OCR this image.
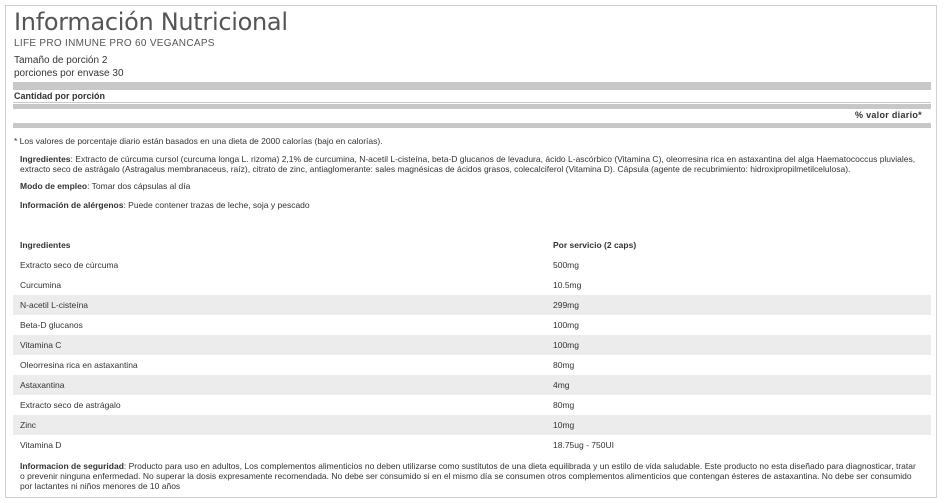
Información Nutricional
LIFE PRO INMUNE PRO 60 VEGANCAPS
Tamaño de porción 2
porciones por envase 30
Cantidad por porción
% valor diario*
* Los valores de porcentaje diario están basados en una dieta de 2000 calorías (bajo en calorías).
Ingredientes: Extracto de cúrcuma cursol (curcuma longa L. rizoma) 2,1% de curcumina, N-acetil L-cisteína, beta-D glucanos de levadura, ácido L-ascórbico (Vitamina C), oleorresina rica en astaxantina del alga Haematococcus pluviales, extracto seco de astrágalo (Astragalus membranaceus, raíz), citrato de zinc, antiaglomerante: sales magnésicas de ácidos grasos, colecalciferol (Vitamina D). Cápsula (agente de recubrimiento: hidroxipropilmetilcelulosa).
Modo de empleo: Tomar dos cápsulas al día
Información de alérgenos: Puede contener trazas de leche, soja y pescado
Ingredientes	Por servicio (2 caps)
Extracto seco de cúrcuma	500mg
Curcumina	10.5mg
N-acetil L-cisteína	299mg
Beta-D glucanos	100mg
Vitamina C	100mg
Oleorresina rica en astaxantina	80mg
Astaxantina	4mg
Extracto seco de astrágalo	80mg
Zinc	10mg
Vitamina D	18.75ug - 750UI
Informacion de seguridad: Producto para uso en adultos, Los complementos alimenticios no deben utilizarse como sustitutos de una dieta equilibrada y un estilo de vida saludable. Este producto no esta diseñado para diagnosticar, tratar o prevenir ninguna enfermedad. No superar la dosis expresamente recomendada. No debe ser consumido si en el mismo día se consumen otros complementos alimenticios que contengan ésteres de astaxantina. No debe ser consumido por lactantes ni niños menores de 10 años
